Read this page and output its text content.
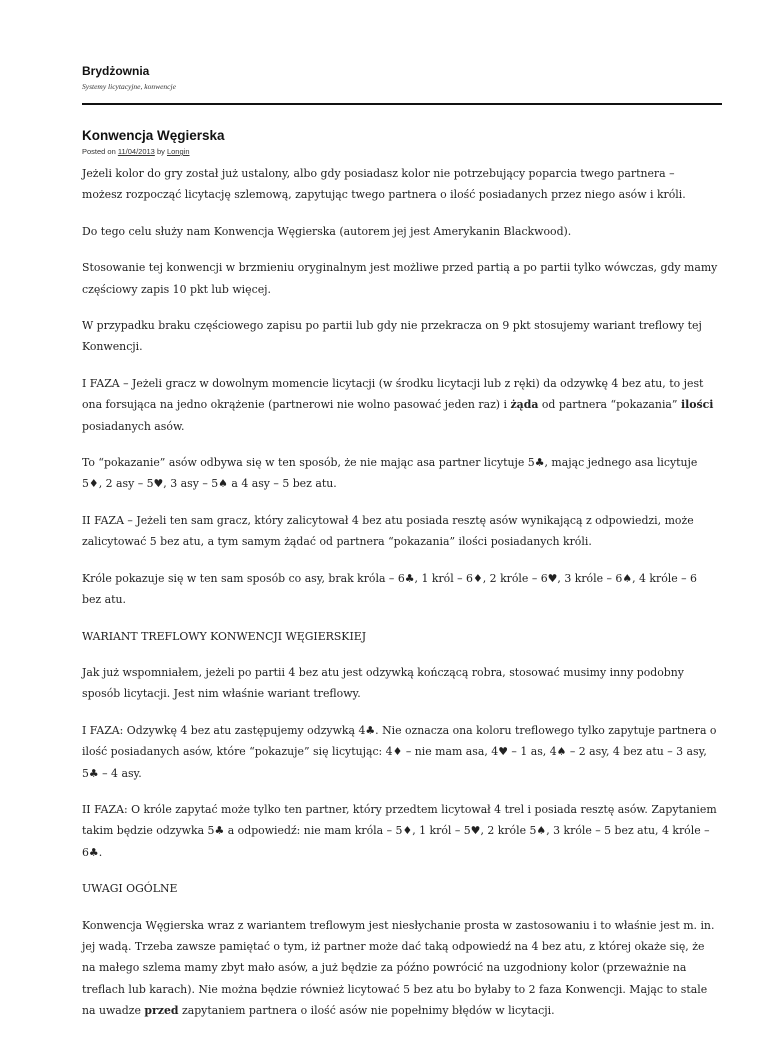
Brydżownia
Systemy licytacyjne, konwencje
Konwencja Węgierska
Posted on 11/04/2013 by Longin

Jeżeli kolor do gry został już ustalony, albo gdy posiadasz kolor nie potrzebujący poparcia twego partnera – możesz rozpocząć licytację szlemową, zapytując twego partnera o ilość posiadanych przez niego asów i króli.

Do tego celu służy nam Konwencja Węgierska (autorem jej jest Amerykanin Blackwood).

Stosowanie tej konwencji w brzmieniu oryginalnym jest możliwe przed partią a po partii tylko wówczas, gdy mamy częściowy zapis 10 pkt lub więcej.

W przypadku braku częściowego zapisu po partii lub gdy nie przekracza on 9 pkt stosujemy wariant treflowy tej Konwencji.

I FAZA – Jeżeli gracz w dowolnym momencie licytacji (w środku licytacji lub z ręki) da odzywkę 4 bez atu, to jest ona forsująca na jedno okrążenie (partnerowi nie wolno pasować jeden raz) i żąda od partnera “pokazania” ilości posiadanych asów.

To “pokazanie” asów odbywa się w ten sposób, że nie mając asa partner licytuje 5♣, mając jednego asa licytuje 5♦, 2 asy – 5♥, 3 asy – 5♠ a 4 asy – 5 bez atu.

II FAZA – Jeżeli ten sam gracz, który zalicytował 4 bez atu posiada resztę asów wynikającą z odpowiedzi, może zalicytować 5 bez atu, a tym samym żądać od partnera “pokazania” ilości posiadanych króli.

Króle pokazuje się w ten sam sposób co asy, brak króla – 6♣, 1 król – 6♦, 2 króle – 6♥, 3 króle – 6♠, 4 króle – 6 bez atu.

WARIANT TREFLOWY KONWENCJI WĘGIERSKIEJ

Jak już wspomniałem, jeżeli po partii 4 bez atu jest odzywką kończącą robra, stosować musimy inny podobny sposób licytacji. Jest nim właśnie wariant treflowy.

I FAZA: Odzywkę 4 bez atu zastępujemy odzywką 4♣. Nie oznacza ona koloru treflowego tylko zapytuje partnera o ilość posiadanych asów, które “pokazuje” się licytując: 4♦ – nie mam asa, 4♥ – 1 as, 4♠ – 2 asy, 4 bez atu – 3 asy, 5♣ – 4 asy.

II FAZA: O króle zapytać może tylko ten partner, który przedtem licytował 4 trel i posiada resztę asów. Zapytaniem takim będzie odzywka 5♣ a odpowiedź: nie mam króla – 5♦, 1 król – 5♥, 2 króle 5♠, 3 króle – 5 bez atu, 4 króle – 6♣.

UWAGI OGÓLNE

Konwencja Węgierska wraz z wariantem treflowym jest niesłychanie prosta w zastosowaniu i to właśnie jest m. in. jej wadą. Trzeba zawsze pamiętać o tym, iż partner może dać taką odpowiedź na 4 bez atu, z której okaże się, że na małego szlema mamy zbyt mało asów, a już będzie za późno powrócić na uzgodniony kolor (przeważnie na treflach lub karach). Nie można będzie również licytować 5 bez atu bo byłaby to 2 faza Konwencji. Mając to stale na uwadze przed zapytaniem partnera o ilość asów nie popełnimy błędów w licytacji.
